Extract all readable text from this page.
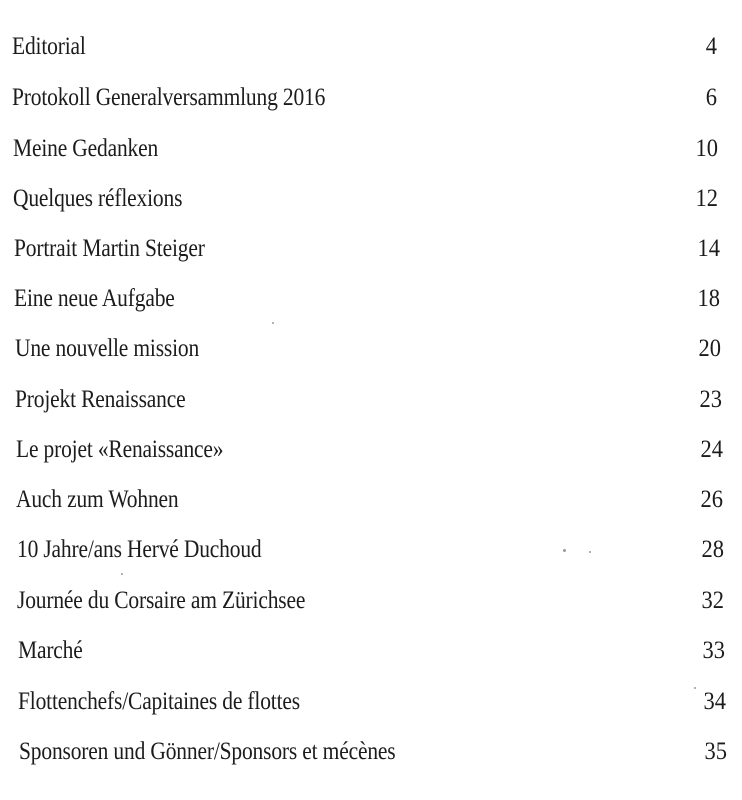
Editorial	4
Protokoll Generalversammlung 2016	6
Meine Gedanken	10
Quelques réflexions	12
Portrait Martin Steiger	14
Eine neue Aufgabe	18
Une nouvelle mission	20
Projekt Renaissance	23
Le projet «Renaissance»	24
Auch zum Wohnen	26
10 Jahre/ans Hervé Duchoud	28
Journée du Corsaire am Zürichsee	32
Marché	33
Flottenchefs/Capitaines de flottes	34
Sponsoren und Gönner/Sponsors et mécènes	35
